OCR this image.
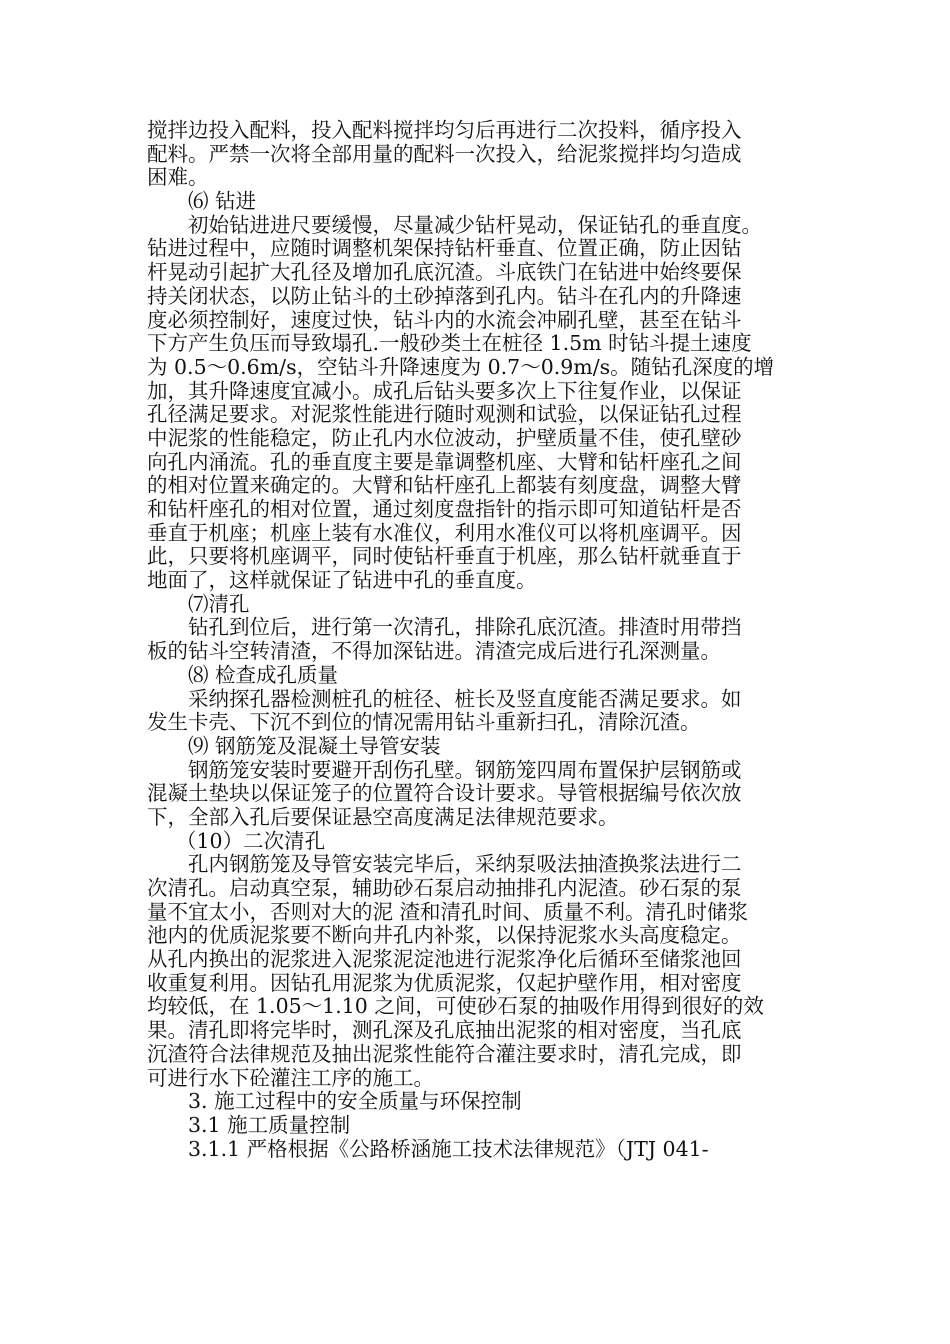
搅拌边投入配料，投入配料搅拌均匀后再进行二次投料，循序投入
配料。严禁一次将全部用量的配料一次投入，给泥浆搅拌均匀造成
困难。
⑹ 钻进
初始钻进进尺要缓慢，尽量减少钻杆晃动，保证钻孔的垂直度。
钻进过程中，应随时调整机架保持钻杆垂直、位置正确，防止因钻
杆晃动引起扩大孔径及增加孔底沉渣。斗底铁门在钻进中始终要保
持关闭状态，以防止钻斗的土砂掉落到孔内。钻斗在孔内的升降速
度必须控制好，速度过快，钻斗内的水流会冲刷孔壁，甚至在钻斗
下方产生负压而导致塌孔.一般砂类土在桩径 1.5m 时钻斗提土速度
为 0.5～0.6m/s，空钻斗升降速度为 0.7～0.9m/s。随钻孔深度的增
加，其升降速度宜减小。成孔后钻头要多次上下往复作业，以保证
孔径满足要求。对泥浆性能进行随时观测和试验，以保证钻孔过程
中泥浆的性能稳定，防止孔内水位波动，护壁质量不佳，使孔壁砂
向孔内涌流。孔的垂直度主要是靠调整机座、大臂和钻杆座孔之间
的相对位置来确定的。大臂和钻杆座孔上都装有刻度盘，调整大臂
和钻杆座孔的相对位置，通过刻度盘指针的指示即可知道钻杆是否
垂直于机座；机座上装有水准仪，利用水准仪可以将机座调平。因
此，只要将机座调平，同时使钻杆垂直于机座，那么钻杆就垂直于
地面了，这样就保证了钻进中孔的垂直度。
⑺清孔
钻孔到位后，进行第一次清孔，排除孔底沉渣。排渣时用带挡
板的钻斗空转清渣，不得加深钻进。清渣完成后进行孔深测量。
⑻ 检查成孔质量
采纳探孔器检测桩孔的桩径、桩长及竖直度能否满足要求。如
发生卡壳、下沉不到位的情况需用钻斗重新扫孔，清除沉渣。
⑼ 钢筋笼及混凝土导管安装
钢筋笼安装时要避开刮伤孔壁。钢筋笼四周布置保护层钢筋或
混凝土垫块以保证笼子的位置符合设计要求。导管根据编号依次放
下，全部入孔后要保证悬空高度满足法律规范要求。
（10）二次清孔
孔内钢筋笼及导管安装完毕后，采纳泵吸法抽渣换浆法进行二
次清孔。启动真空泵，辅助砂石泵启动抽排孔内泥渣。砂石泵的泵
量不宜太小，否则对大的泥 渣和清孔时间、质量不利。清孔时储浆
池内的优质泥浆要不断向井孔内补浆，以保持泥浆水头高度稳定。
从孔内换出的泥浆进入泥浆泥淀池进行泥浆净化后循环至储浆池回
收重复利用。因钻孔用泥浆为优质泥浆，仅起护壁作用，相对密度
均较低，在 1.05～1.10 之间，可使砂石泵的抽吸作用得到很好的效
果。清孔即将完毕时，测孔深及孔底抽出泥浆的相对密度，当孔底
沉渣符合法律规范及抽出泥浆性能符合灌注要求时，清孔完成，即
可进行水下砼灌注工序的施工。
3. 施工过程中的安全质量与环保控制
3.1 施工质量控制
3.1.1 严格根据《公路桥涵施工技术法律规范》（JTJ 041-
